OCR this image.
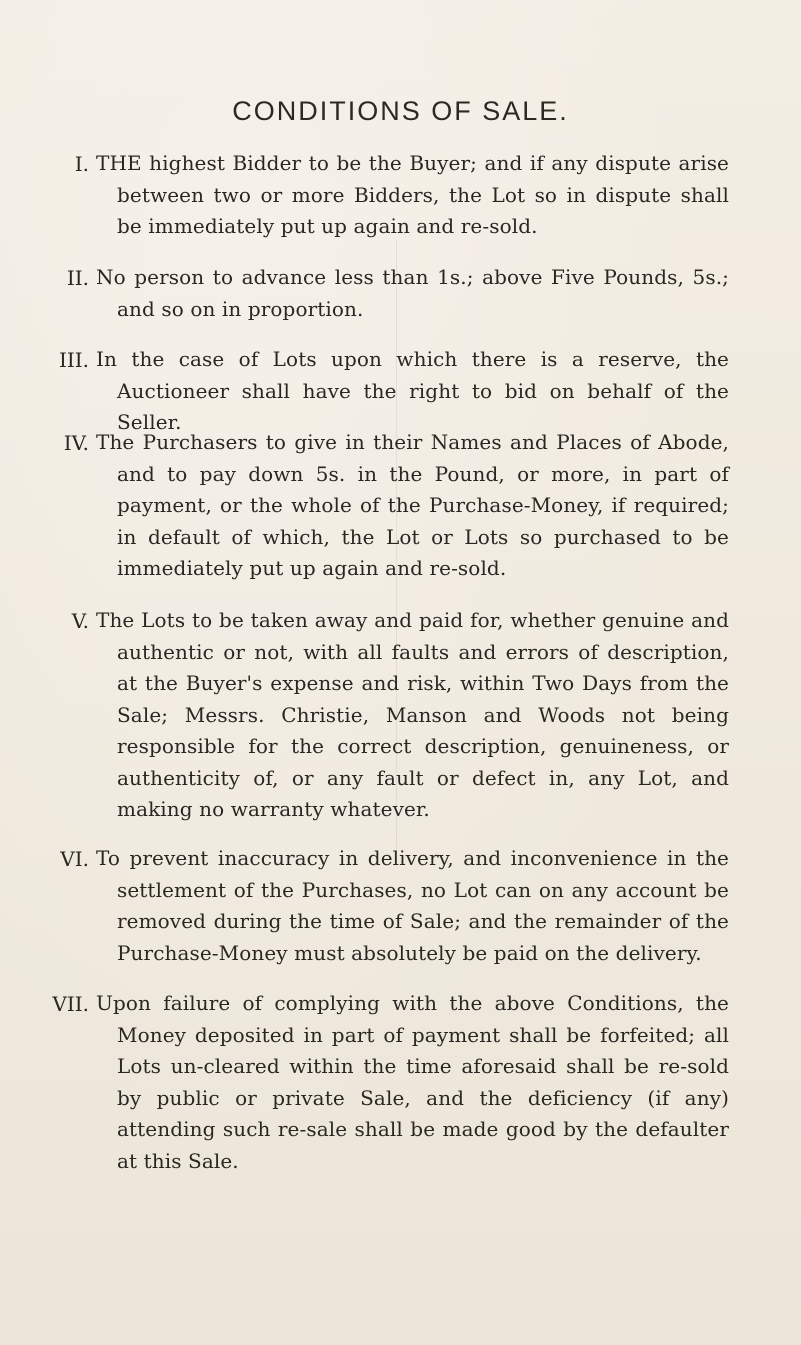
CONDITIONS OF SALE.
I. THE highest Bidder to be the Buyer; and if any dispute arise between two or more Bidders, the Lot so in dispute shall be immediately put up again and re-sold.
II. No person to advance less than 1s.; above Five Pounds, 5s.; and so on in proportion.
III. In the case of Lots upon which there is a reserve, the Auctioneer shall have the right to bid on behalf of the Seller.
IV. The Purchasers to give in their Names and Places of Abode, and to pay down 5s. in the Pound, or more, in part of payment, or the whole of the Purchase-Money, if required; in default of which, the Lot or Lots so purchased to be immediately put up again and re-sold.
V. The Lots to be taken away and paid for, whether genuine and authentic or not, with all faults and errors of description, at the Buyer's expense and risk, within Two Days from the Sale; Messrs. Christie, Manson and Woods not being responsible for the correct description, genuineness, or authenticity of, or any fault or defect in, any Lot, and making no warranty whatever.
VI. To prevent inaccuracy in delivery, and inconvenience in the settlement of the Purchases, no Lot can on any account be removed during the time of Sale; and the remainder of the Purchase-Money must absolutely be paid on the delivery.
VII. Upon failure of complying with the above Conditions, the Money deposited in part of payment shall be forfeited; all Lots un-cleared within the time aforesaid shall be re-sold by public or private Sale, and the deficiency (if any) attending such re-sale shall be made good by the defaulter at this Sale.
